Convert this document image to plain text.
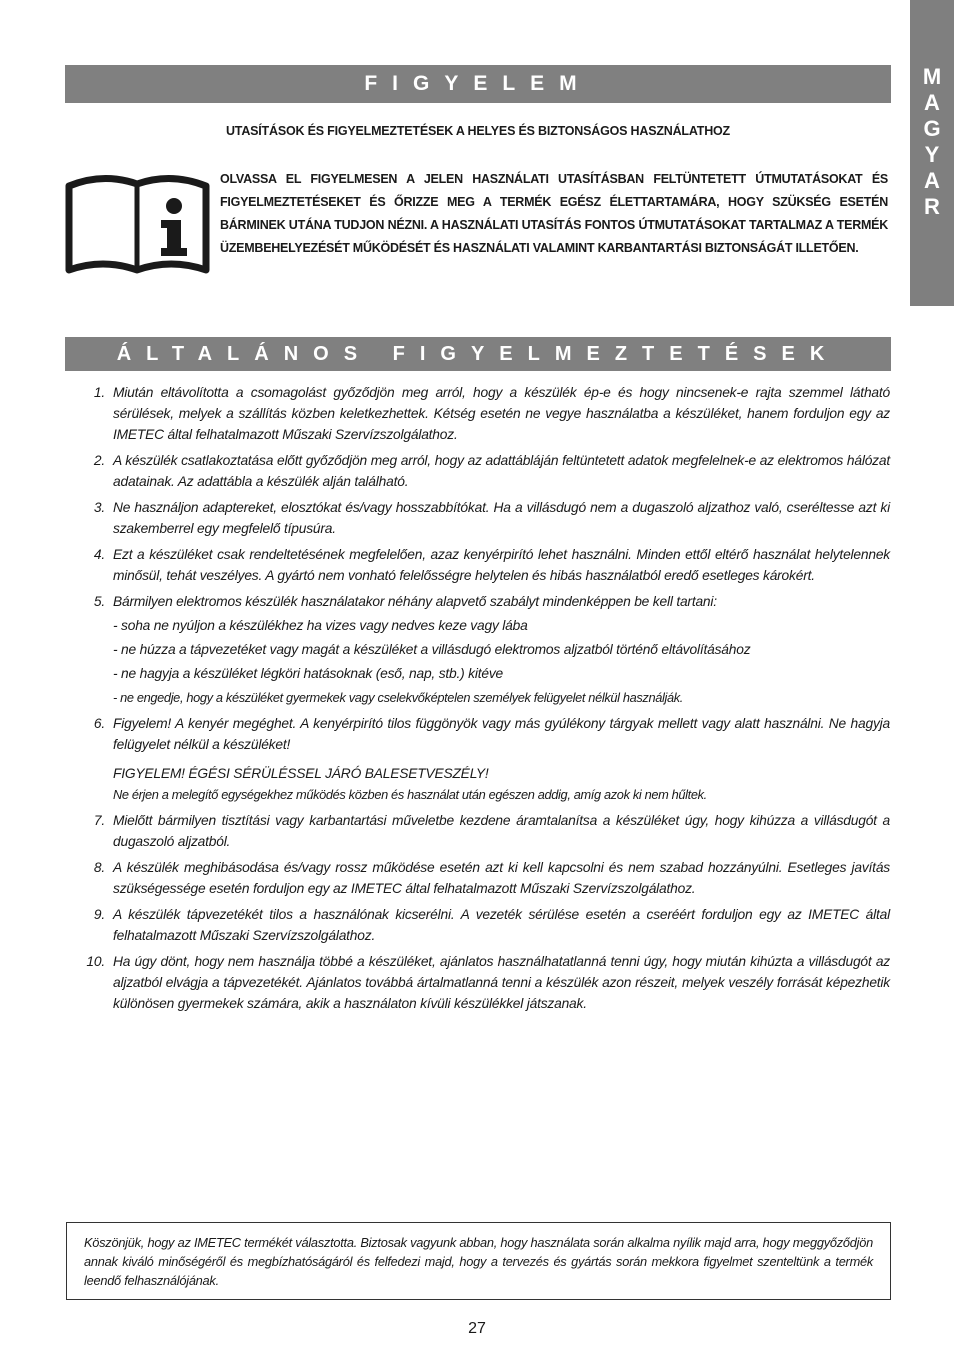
M
A
G
Y
A
R
FIGYELEM
UTASÍTÁSOK ÉS FIGYELMEZTETÉSEK A HELYES ÉS BIZTONSÁGOS HASZNÁLATHOZ
OLVASSA EL FIGYELMESEN A JELEN HASZNÁLATI UTASÍTÁSBAN FELTÜNTETETT ÚTMUTATÁSOKAT ÉS FIGYELMEZTETÉSEKET ÉS ŐRIZZE MEG A TERMÉK EGÉSZ ÉLETTARTAMÁRA, HOGY SZÜKSÉG ESETÉN BÁRMINEK UTÁNA TUDJON NÉZNI. A HASZNÁLATI UTASÍTÁS FONTOS ÚTMUTATÁSOKAT TARTALMAZ A TERMÉK ÜZEMBEHELYEZÉSÉT MŰKÖDÉSÉT ÉS HASZNÁLATI VALAMINT KARBANTARTÁSI BIZTONSÁGÁT ILLETŐEN.
ÁLTALÁNOS FIGYELMEZTETÉSEK
1. Miután eltávolította a csomagolást győződjön meg arról, hogy a készülék ép-e és hogy nincsenek-e rajta szemmel látható sérülések, melyek a szállítás közben keletkezhettek. Kétség esetén ne vegye használatba a készüléket, hanem forduljon egy az IMETEC által felhatalmazott Műszaki Szervízszolgálathoz.
2. A készülék csatlakoztatása előtt győződjön meg arról, hogy az adattábláján feltüntetett adatok megfelelnek-e az elektromos hálózat adatainak. Az adattábla a készülék alján található.
3. Ne használjon adaptereket, elosztókat és/vagy hosszabbítókat. Ha a villásdugó nem a dugaszoló aljzathoz való, cseréltesse azt ki szakemberrel egy megfelelő típusúra.
4. Ezt a készüléket csak rendeltetésének megfelelően, azaz kenyérpirító lehet használni. Minden ettől eltérő használat helytelennek minősül, tehát veszélyes. A gyártó nem vonható felelősségre helytelen és hibás használatból eredő esetleges károkért.
5. Bármilyen elektromos készülék használatakor néhány alapvető szabályt mindenképpen be kell tartani:
- soha ne nyúljon a készülékhez ha vizes vagy nedves keze vagy lába
- ne húzza a tápvezetéket vagy magát a készüléket a villásdugó elektromos aljzatból történő eltávolításához
- ne hagyja a készüléket légköri hatásoknak (eső, nap, stb.) kitéve
- ne engedje, hogy a készüléket gyermekek vagy cselekvőképtelen személyek felügyelet nélkül használják.
6. Figyelem! A kenyér megéghet. A kenyérpirító tilos függönyök vagy más gyúlékony tárgyak mellett vagy alatt használni. Ne hagyja felügyelet nélkül a készüléket!
FIGYELEM! ÉGÉSI SÉRÜLÉSSEL JÁRÓ BALESETVESZÉLY!
Ne érjen a melegítő egységekhez működés közben és használat után egészen addig, amíg azok ki nem hűltek.
7. Mielőtt bármilyen tisztítási vagy karbantartási műveletbe kezdene áramtalanítsa a készüléket úgy, hogy kihúzza a villásdugót a dugaszoló aljzatból.
8. A készülék meghibásodása és/vagy rossz működése esetén azt ki kell kapcsolni és nem szabad hozzányúlni. Esetleges javítás szükségessége esetén forduljon egy az IMETEC által felhatalmazott Műszaki Szervízszolgálathoz.
9. A készülék tápvezetékét tilos a használónak kicserélni. A vezeték sérülése esetén a cseréért forduljon egy az IMETEC által felhatalmazott Műszaki Szervízszolgálathoz.
10. Ha úgy dönt, hogy nem használja többé a készüléket, ajánlatos használhatatlanná tenni úgy, hogy miután kihúzta a villásdugót az aljzatból elvágja a tápvezetékét. Ajánlatos továbbá ártalmatlanná tenni a készülék azon részeit, melyek veszély forrását képezhetik különösen gyermekek számára, akik a használaton kívüli készülékkel játszanak.
Köszönjük, hogy az IMETEC termékét választotta. Biztosak vagyunk abban, hogy használata során alkalma nyílik majd arra, hogy meggyőződjön annak kiváló minőségéről és megbízhatóságáról és felfedezi majd, hogy a tervezés és gyártás során mekkora figyelmet szenteltünk a termék leendő felhasználójának.
27
